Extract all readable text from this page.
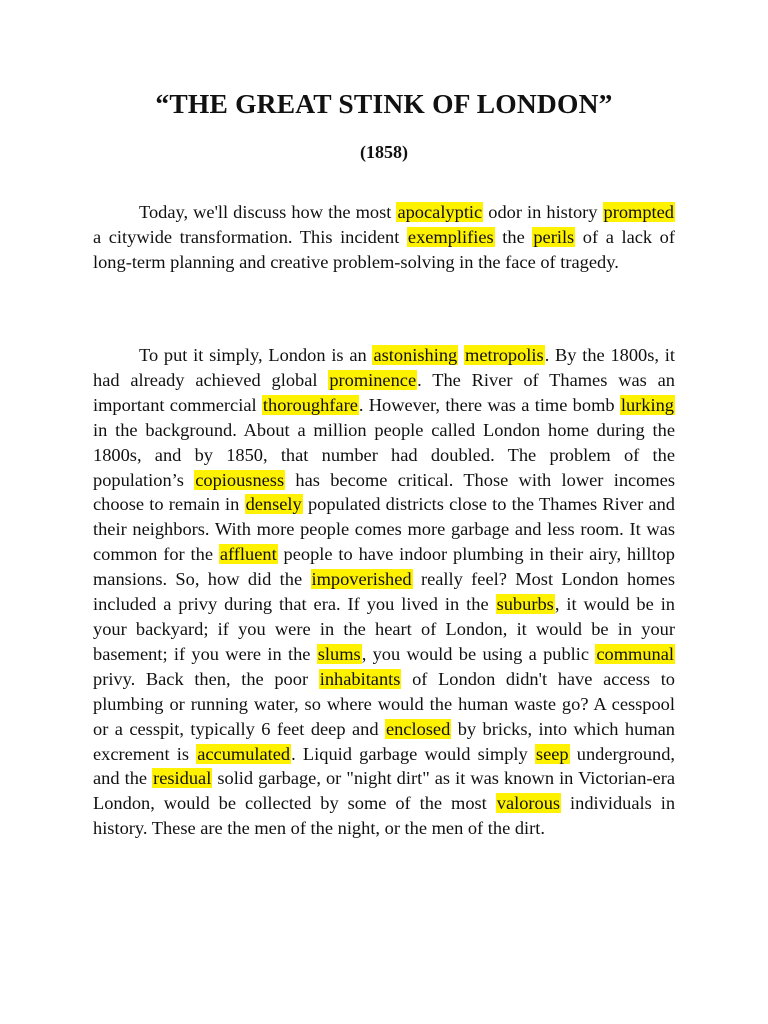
“THE GREAT STINK OF LONDON”
(1858)

Today, we'll discuss how the most apocalyptic odor in history prompted a citywide transformation. This incident exemplifies the perils of a lack of long-term planning and creative problem-solving in the face of tragedy.

To put it simply, London is an astonishing metropolis. By the 1800s, it had already achieved global prominence. The River of Thames was an important commercial thoroughfare. However, there was a time bomb lurking in the background. About a million people called London home during the 1800s, and by 1850, that number had doubled. The problem of the population’s copiousness has become critical. Those with lower incomes choose to remain in densely populated districts close to the Thames River and their neighbors. With more people comes more garbage and less room. It was common for the affluent people to have indoor plumbing in their airy, hilltop mansions. So, how did the impoverished really feel? Most London homes included a privy during that era. If you lived in the suburbs, it would be in your backyard; if you were in the heart of London, it would be in your basement; if you were in the slums, you would be using a public communal privy. Back then, the poor inhabitants of London didn't have access to plumbing or running water, so where would the human waste go? A cesspool or a cesspit, typically 6 feet deep and enclosed by bricks, into which human excrement is accumulated. Liquid garbage would simply seep underground, and the residual solid garbage, or "night dirt" as it was known in Victorian-era London, would be collected by some of the most valorous individuals in history. These are the men of the night, or the men of the dirt.
